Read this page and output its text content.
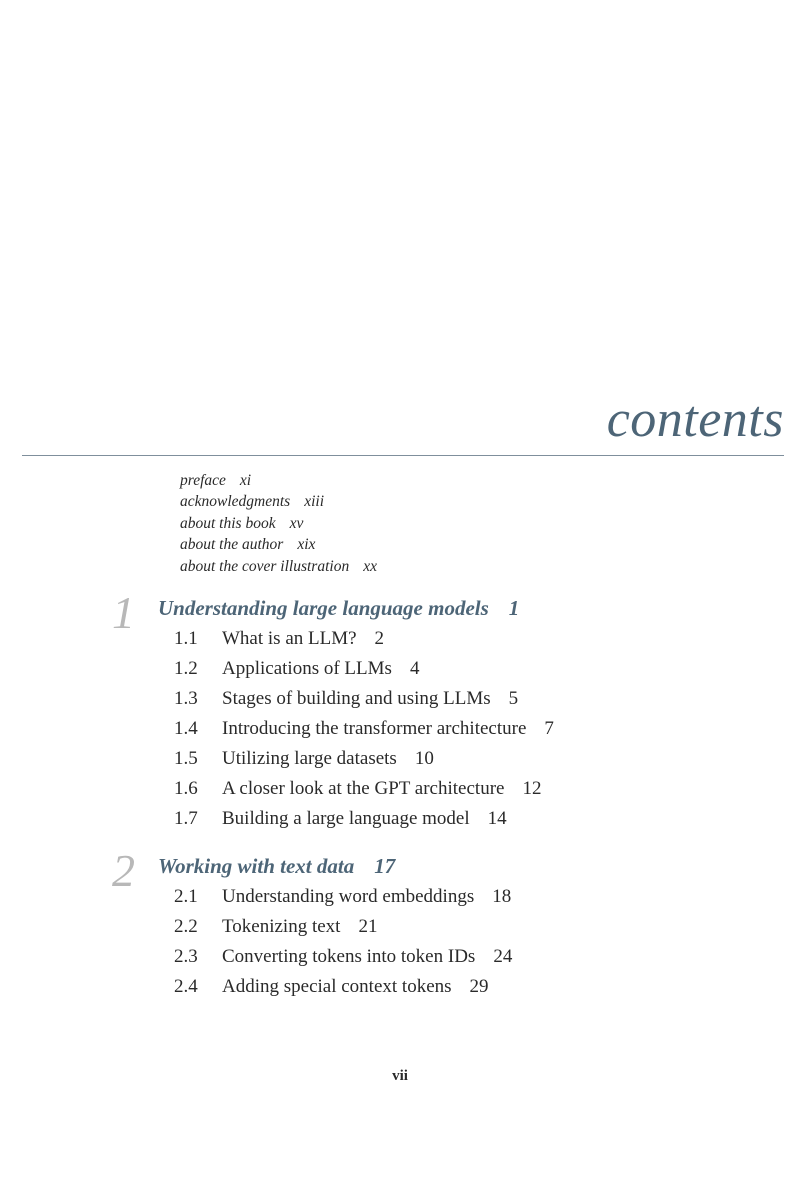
contents
preface xi
acknowledgments xiii
about this book xv
about the author xix
about the cover illustration xx
1 Understanding large language models 1
1.1 What is an LLM? 2
1.2 Applications of LLMs 4
1.3 Stages of building and using LLMs 5
1.4 Introducing the transformer architecture 7
1.5 Utilizing large datasets 10
1.6 A closer look at the GPT architecture 12
1.7 Building a large language model 14
2 Working with text data 17
2.1 Understanding word embeddings 18
2.2 Tokenizing text 21
2.3 Converting tokens into token IDs 24
2.4 Adding special context tokens 29
vii
